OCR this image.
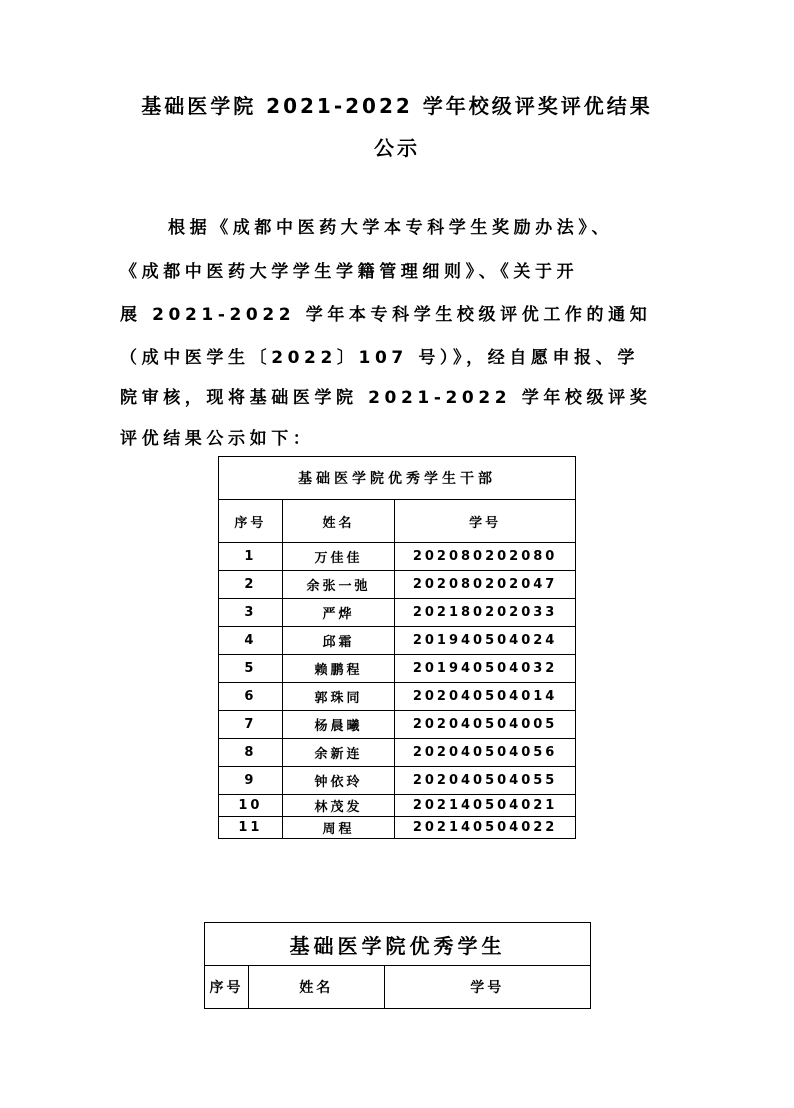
基础医学院 2021-2022 学年校级评奖评优结果
公示
根据《成都中医药大学本专科学生奖励办法》、
《成都中医药大学学生学籍管理细则》、《关于开
展 2021-2022 学年本专科学生校级评优工作的通知
（成中医学生〔2022〕107 号）》，经自愿申报、学
院审核，现将基础医学院 2021-2022 学年校级评奖
评优结果公示如下：
基础医学院优秀学生干部		
序号	姓名	学号
1	万佳佳	202080202080
2	余张一弛	202080202047
3	严烨	202180202033
4	邱霜	201940504024
5	赖鹏程	201940504032
6	郭珠同	202040504014
7	杨晨曦	202040504005
8	余新连	202040504056
9	钟依玲	202040504055
10	林茂发	202140504021
11	周程	202140504022
基础医学院优秀学生
序号	姓名	学号
